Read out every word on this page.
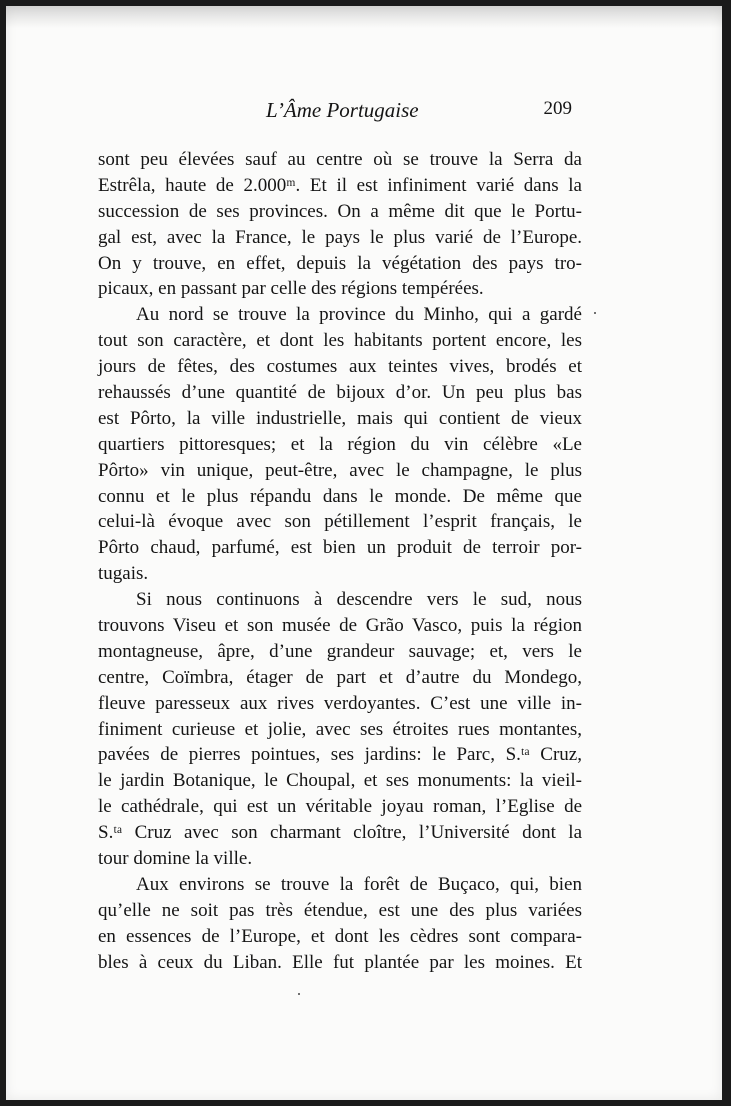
L’Âme Portugaise	209
sont peu élevées sauf au centre où se trouve la Serra da
Estrêla, haute de 2.000ᵐ. Et il est infiniment varié dans la
succession de ses provinces. On a même dit que le Portu-
gal est, avec la France, le pays le plus varié de l’Europe.
On y trouve, en effet, depuis la végétation des pays tro-
picaux, en passant par celle des régions tempérées.
Au nord se trouve la province du Minho, qui a gardé
tout son caractère, et dont les habitants portent encore, les
jours de fêtes, des costumes aux teintes vives, brodés et
rehaussés d’une quantité de bijoux d’or. Un peu plus bas
est Pôrto, la ville industrielle, mais qui contient de vieux
quartiers pittoresques; et la région du vin célèbre «Le
Pôrto» vin unique, peut-être, avec le champagne, le plus
connu et le plus répandu dans le monde. De même que
celui-là évoque avec son pétillement l’esprit français, le
Pôrto chaud, parfumé, est bien un produit de terroir por-
tugais.
Si nous continuons à descendre vers le sud, nous
trouvons Viseu et son musée de Grão Vasco, puis la région
montagneuse, âpre, d’une grandeur sauvage; et, vers le
centre, Coïmbra, étager de part et d’autre du Mondego,
fleuve paresseux aux rives verdoyantes. C’est une ville in-
finiment curieuse et jolie, avec ses étroites rues montantes,
pavées de pierres pointues, ses jardins: le Parc, S.ᵗᵃ Cruz,
le jardin Botanique, le Choupal, et ses monuments: la vieil-
le cathédrale, qui est un véritable joyau roman, l’Eglise de
S.ᵗᵃ Cruz avec son charmant cloître, l’Université dont la
tour domine la ville.
Aux environs se trouve la forêt de Buçaco, qui, bien
qu’elle ne soit pas très étendue, est une des plus variées
en essences de l’Europe, et dont les cèdres sont compara-
bles à ceux du Liban. Elle fut plantée par les moines. Et
